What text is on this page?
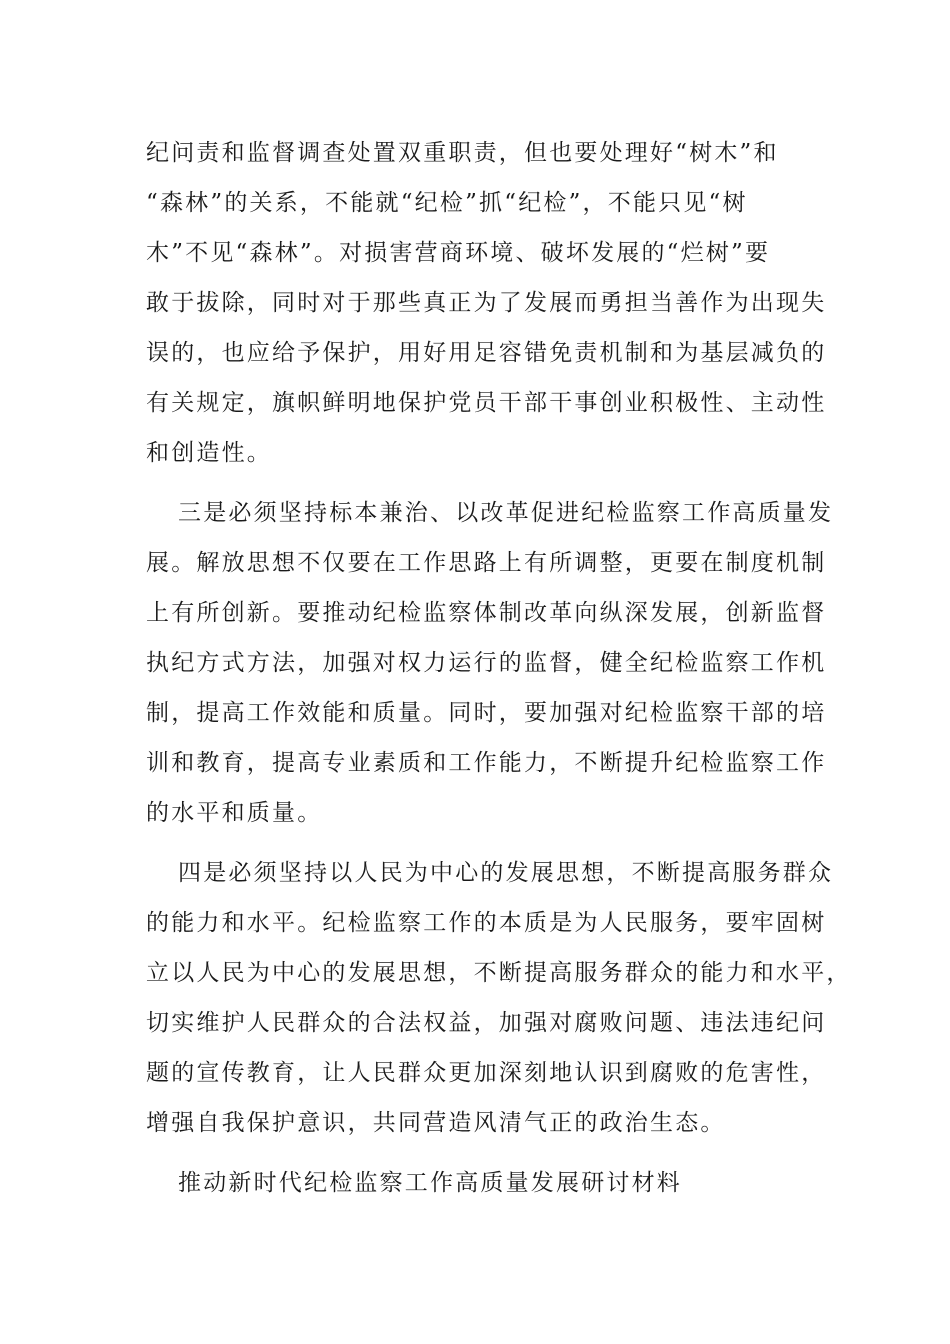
纪问责和监督调查处置双重职责，但也要处理好“树木”和

“森林”的关系，不能就“纪检”抓“纪检”，不能只见“树

木”不见“森林”。对损害营商环境、破坏发展的“烂树”要

敢于拔除，同时对于那些真正为了发展而勇担当善作为出现失

误的，也应给予保护，用好用足容错免责机制和为基层减负的

有关规定，旗帜鲜明地保护党员干部干事创业积极性、主动性

和创造性。

三是必须坚持标本兼治、以改革促进纪检监察工作高质量发

展。解放思想不仅要在工作思路上有所调整，更要在制度机制

上有所创新。要推动纪检监察体制改革向纵深发展，创新监督

执纪方式方法，加强对权力运行的监督，健全纪检监察工作机

制，提高工作效能和质量。同时，要加强对纪检监察干部的培

训和教育，提高专业素质和工作能力，不断提升纪检监察工作

的水平和质量。

四是必须坚持以人民为中心的发展思想，不断提高服务群众

的能力和水平。纪检监察工作的本质是为人民服务，要牢固树

立以人民为中心的发展思想，不断提高服务群众的能力和水平，

切实维护人民群众的合法权益，加强对腐败问题、违法违纪问

题的宣传教育，让人民群众更加深刻地认识到腐败的危害性，

增强自我保护意识，共同营造风清气正的政治生态。

推动新时代纪检监察工作高质量发展研讨材料
